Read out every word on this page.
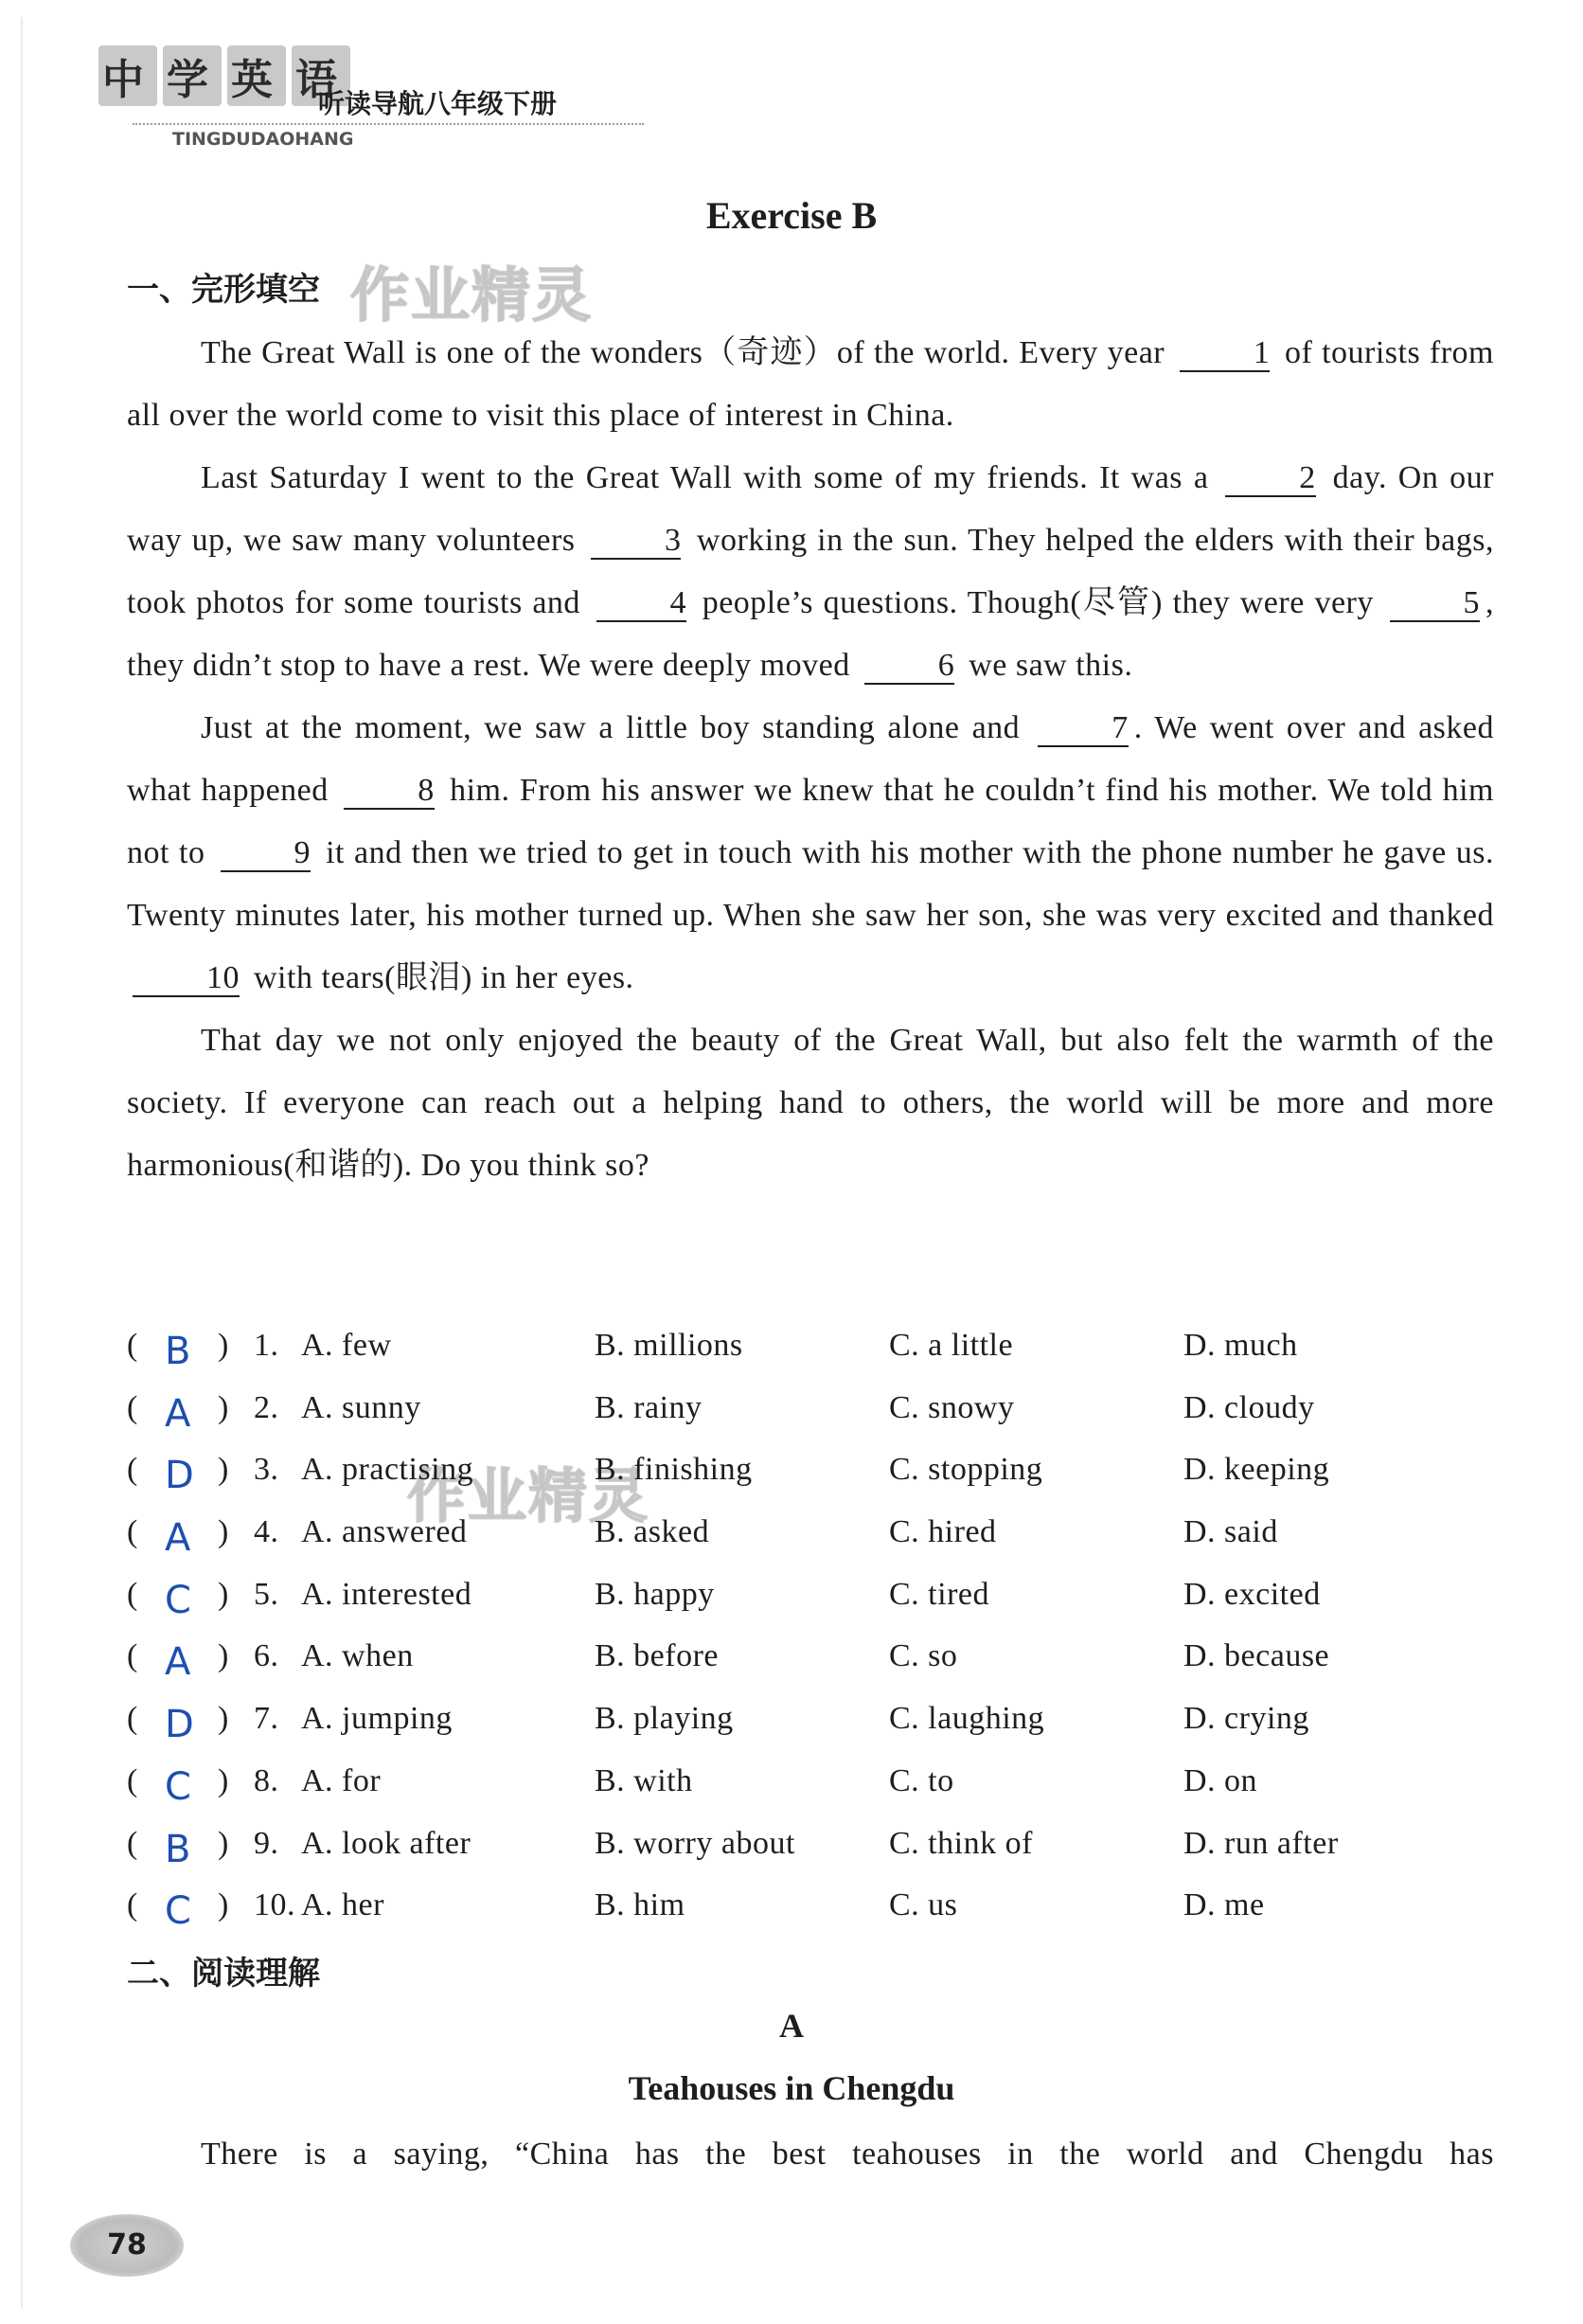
中 学 英 语
听读导航八年级下册
TINGDUDAOHANG
作业精灵
作业精灵
Exercise B
一、完形填空

The Great Wall is one of the wonders（奇迹）of the world. Every year 1 of tourists from all over the world come to visit this place of interest in China.

Last Saturday I went to the Great Wall with some of my friends. It was a 2 day. On our way up, we saw many volunteers 3 working in the sun. They helped the elders with their bags, took photos for some tourists and 4 people’s questions. Though(尽管) they were very 5 , they didn’t stop to have a rest. We were deeply moved 6 we saw this.

Just at the moment, we saw a little boy standing alone and 7 . We went over and asked what happened 8 him. From his answer we knew that he couldn’t find his mother. We told him not to 9 it and then we tried to get in touch with his mother with the phone number he gave us. Twenty minutes later, his mother turned up. When she saw her son, she was very excited and thanked 10 with tears(眼泪) in her eyes.

That day we not only enjoyed the beauty of the Great Wall, but also felt the warmth of the society. If everyone can reach out a helping hand to others, the world will be more and more harmonious(和谐的). Do you think so?

( B ) 1. A. few	B. millions	C. a little	D. much
( A ) 2. A. sunny	B. rainy	C. snowy	D. cloudy
( D ) 3. A. practising	B. finishing	C. stopping	D. keeping
( A ) 4. A. answered	B. asked	C. hired	D. said
( C ) 5. A. interested	B. happy	C. tired	D. excited
( A ) 6. A. when	B. before	C. so	D. because
( D ) 7. A. jumping	B. playing	C. laughing	D. crying
( C ) 8. A. for	B. with	C. to	D. on
( B ) 9. A. look after	B. worry about	C. think of	D. run after
( C ) 10. A. her	B. him	C. us	D. me
二、阅读理解
A
Teahouses in Chengdu
There is a saying, “China has the best teahouses in the world and Chengdu has
78
